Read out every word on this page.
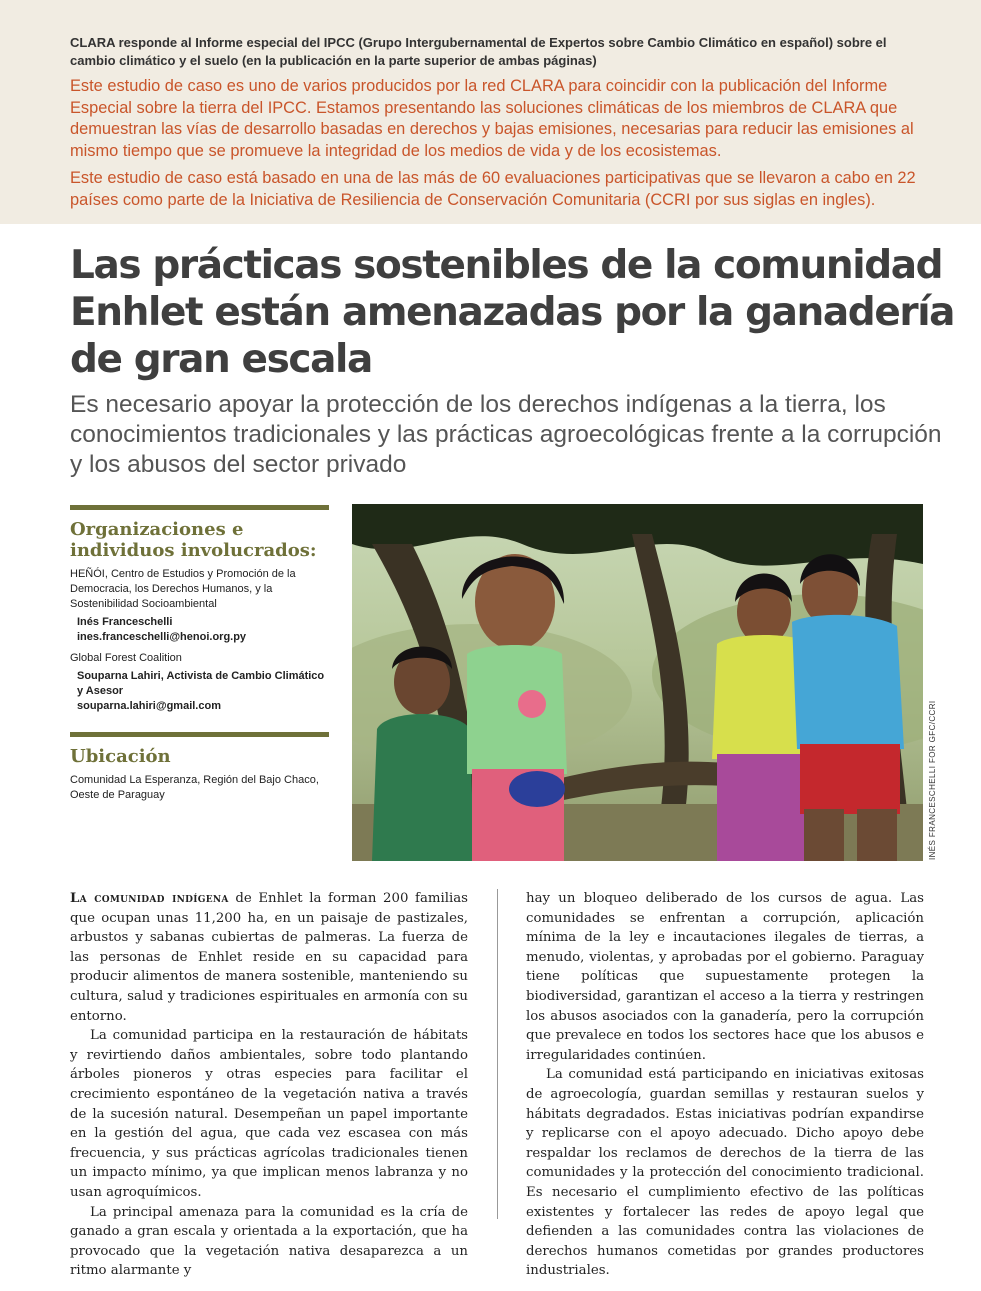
CLARA responde al Informe especial del IPCC (Grupo Intergubernamental de Expertos sobre Cambio Climático en español) sobre el cambio climático y el suelo (en la publicación en la parte superior de ambas páginas)

Este estudio de caso es uno de varios producidos por la red CLARA para coincidir con la publicación del Informe Especial sobre la tierra del IPCC. Estamos presentando las soluciones climáticas de los miembros de CLARA que demuestran las vías de desarrollo basadas en derechos y bajas emisiones, necesarias para reducir las emisiones al mismo tiempo que se promueve la integridad de los medios de vida y de los ecosistemas.

Este estudio de caso está basado en una de las más de 60 evaluaciones participativas que se llevaron a cabo en 22 países como parte de la Iniciativa de Resiliencia de Conservación Comunitaria (CCRI por sus siglas en ingles).

Las prácticas sostenibles de la comunidad Enhlet están amenazadas por la ganadería de gran escala

Es necesario apoyar la protección de los derechos indígenas a la tierra, los conocimientos tradicionales y las prácticas agroecológicas frente a la corrupción y los abusos del sector privado

Organizaciones e individuos involucrados:

HEÑÓI, Centro de Estudios y Promoción de la Democracia, los Derechos Humanos, y la Sostenibilidad Socioambiental

Inés Franceschelli

ines.franceschelli@henoi.org.py

Global Forest Coalition

Souparna Lahiri, Activista de Cambio Climático y Asesor

souparna.lahiri@gmail.com

Ubicación

Comunidad La Esperanza, Región del Bajo Chaco, Oeste de Paraguay	INÉS FRANCESCHELLI FOR GFC/CCRI

La comunidad indígena de Enhlet la forman 200 familias que ocupan unas 11,200 ha, en un paisaje de pastizales, arbustos y sabanas cubiertas de palmeras. La fuerza de las personas de Enhlet reside en su capacidad para producir alimentos de manera sostenible, manteniendo su cultura, salud y tradiciones espirituales en armonía con su entorno.

La comunidad participa en la restauración de hábitats y revirtiendo daños ambientales, sobre todo plantando árboles pioneros y otras especies para facilitar el crecimiento espontáneo de la vegetación nativa a través de la sucesión natural. Desempeñan un papel importante en la gestión del agua, que cada vez escasea con más frecuencia, y sus prácticas agrícolas tradicionales tienen un impacto mínimo, ya que implican menos labranza y no usan agroquímicos.

La principal amenaza para la comunidad es la cría de ganado a gran escala y orientada a la exportación, que ha provocado que la vegetación nativa desaparezca a un ritmo alarmante y

hay un bloqueo deliberado de los cursos de agua. Las comunidades se enfrentan a corrupción, aplicación mínima de la ley e incautaciones ilegales de tierras, a menudo, violentas, y aprobadas por el gobierno. Paraguay tiene políticas que supuestamente protegen la biodiversidad, garantizan el acceso a la tierra y restringen los abusos asociados con la ganadería, pero la corrupción que prevalece en todos los sectores hace que los abusos e irregularidades continúen.

La comunidad está participando en iniciativas exitosas de agroecología, guardan semillas y restauran suelos y hábitats degradados. Estas iniciativas podrían expandirse y replicarse con el apoyo adecuado. Dicho apoyo debe respaldar los reclamos de derechos de la tierra de las comunidades y la protección del conocimiento tradicional. Es necesario el cumplimiento efectivo de las políticas existentes y fortalecer las redes de apoyo legal que defienden a las comunidades contra las violaciones de derechos humanos cometidas por grandes productores industriales.
